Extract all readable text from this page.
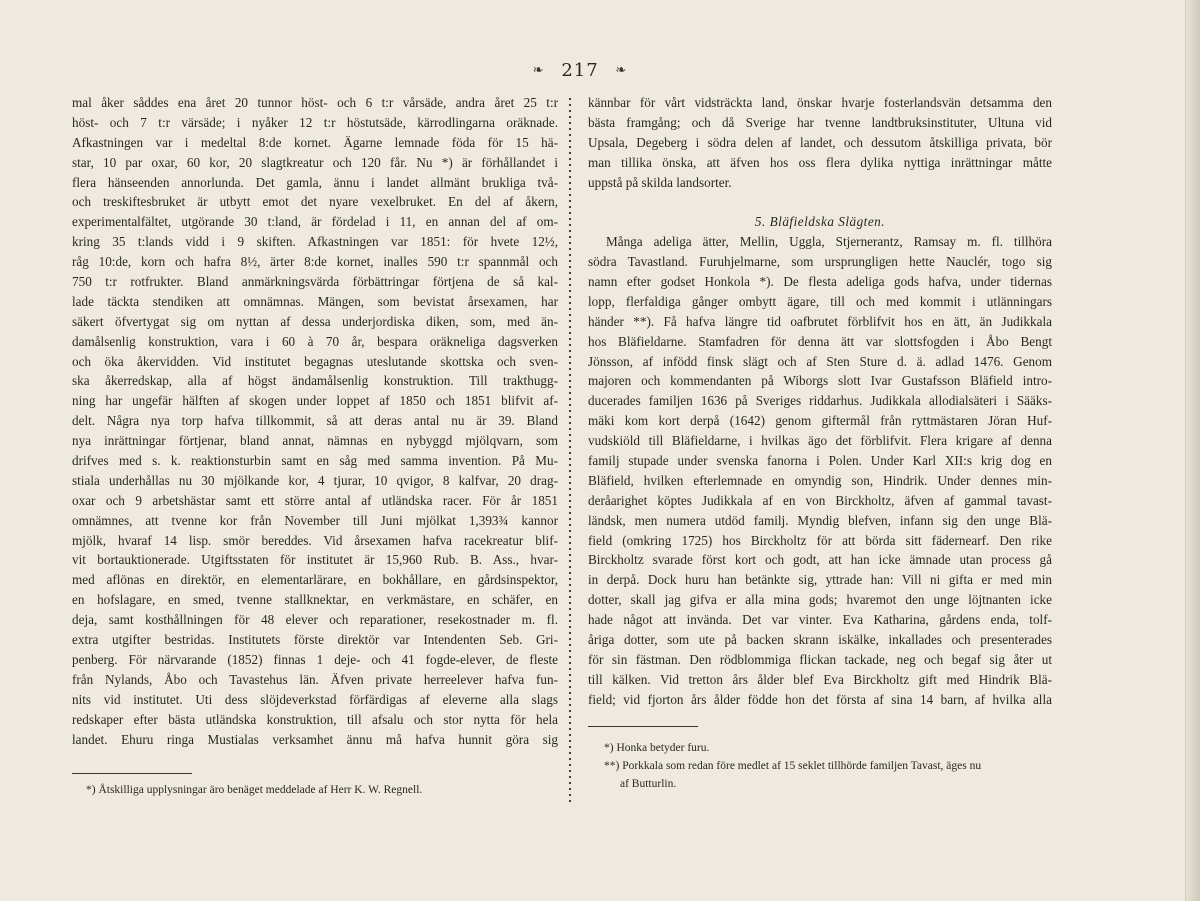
❧ 217 ❧
mal åker såddes ena året 20 tunnor höst- och 6 t:r vårsäde, andra året 25 t:r
höst- och 7 t:r värsäde; i nyåker 12 t:r höstutsäde, kärrodlingarna oräknade.
Afkastningen var i medeltal 8:de kornet. Ägarne lemnade föda för 15 hä-
star, 10 par oxar, 60 kor, 20 slagtkreatur och 120 får. Nu *) är förhållandet i
flera hänseenden annorlunda. Det gamla, ännu i landet allmänt brukliga två-
och treskiftesbruket är utbytt emot det nyare vexelbruket. En del af åkern,
experimentalfältet, utgörande 30 t:land, är fördelad i 11, en annan del af om-
kring 35 t:lands vidd i 9 skiften. Afkastningen var 1851: för hvete 12½,
råg 10:de, korn och hafra 8½, ärter 8:de kornet, inalles 590 t:r spannmål och
750 t:r rotfrukter. Bland anmärkningsvärda förbättringar förtjena de så kal-
lade täckta stendiken att omnämnas. Mängen, som bevistat årsexamen, har
säkert öfvertygat sig om nyttan af dessa underjordiska diken, som, med än-
damålsenlig konstruktion, vara i 60 à 70 år, bespara oräkneliga dagsverken
och öka åkervidden. Vid institutet begagnas uteslutande skottska och sven-
ska åkerredskap, alla af högst ändamålsenlig konstruktion. Till trakthugg-
ning har ungefär hälften af skogen under loppet af 1850 och 1851 blifvit af-
delt. Några nya torp hafva tillkommit, så att deras antal nu är 39. Bland
nya inrättningar förtjenar, bland annat, nämnas en nybyggd mjölqvarn, som
drifves med s. k. reaktionsturbin samt en såg med samma invention. På Mu-
stiala underhållas nu 30 mjölkande kor, 4 tjurar, 10 qvigor, 8 kalfvar, 20 drag-
oxar och 9 arbetshästar samt ett större antal af utländska racer. För år 1851
omnämnes, att tvenne kor från November till Juni mjölkat 1,393¾ kannor
mjölk, hvaraf 14 lisp. smör bereddes. Vid årsexamen hafva racekreatur blif-
vit bortauktionerade. Utgiftsstaten för institutet är 15,960 Rub. B. Ass., hvar-
med aflönas en direktör, en elementarlärare, en bokhållare, en gårdsinspektor,
en hofslagare, en smed, tvenne stallknektar, en verkmästare, en schäfer, en
deja, samt kosthållningen för 48 elever och reparationer, resekostnader m. fl.
extra utgifter bestridas. Institutets förste direktör var Intendenten Seb. Gri-
penberg. För närvarande (1852) finnas 1 deje- och 41 fogde-elever, de fleste
från Nylands, Åbo och Tavastehus län. Äfven private herreelever hafva fun-
nits vid institutet. Uti dess slöjdeverkstad förfärdigas af eleverne alla slags
redskaper efter bästa utländska konstruktion, till afsalu och stor nytta för hela
landet. Ehuru ringa Mustialas verksamhet ännu må hafva hunnit göra sig
kännbar för vårt vidsträckta land, önskar hvarje fosterlandsvän detsamma den
bästa framgång; och då Sverige har tvenne landtbruksinstituter, Ultuna vid
Upsala, Degeberg i södra delen af landet, och dessutom åtskilliga privata, bör
man tillika önska, att äfven hos oss flera dylika nyttiga inrättningar måtte
uppstå på skilda landsorter.
5. Bläfieldska Slägten.
Många adeliga ätter, Mellin, Uggla, Stjernerantz, Ramsay m. fl. tillhöra
södra Tavastland. Furuhjelmarne, som ursprungligen hette Nauclér, togo sig
namn efter godset Honkola *). De flesta adeliga gods hafva, under tidernas
lopp, flerfaldiga gånger ombytt ägare, till och med kommit i utlänningars
händer **). Få hafva längre tid oafbrutet förblifvit hos en ätt, än Judikkala
hos Bläfieldarne. Stamfadren för denna ätt var slottsfogden i Åbo Bengt
Jönsson, af infödd finsk slägt och af Sten Sture d. ä. adlad 1476. Genom
majoren och kommendanten på Wiborgs slott Ivar Gustafsson Bläfield intro-
ducerades familjen 1636 på Sveriges riddarhus. Judikkala allodialsäteri i Sääks-
mäki kom kort derpå (1642) genom giftermål från ryttmästaren Jöran Huf-
vudskiöld till Bläfieldarne, i hvilkas ägo det förblifvit. Flera krigare af denna
familj stupade under svenska fanorna i Polen. Under Karl XII:s krig dog en
Bläfield, hvilken efterlemnade en omyndig son, Hindrik. Under dennes min-
deråarighet köptes Judikkala af en von Birckholtz, äfven af gammal tavast-
ländsk, men numera utdöd familj. Myndig blefven, infann sig den unge Blä-
field (omkring 1725) hos Birckholtz för att börda sitt fädernearf. Den rike
Birckholtz svarade först kort och godt, att han icke ämnade utan process gå
in derpå. Dock huru han betänkte sig, yttrade han: Vill ni gifta er med min
dotter, skall jag gifva er alla mina gods; hvaremot den unge löjtnanten icke
hade något att invända. Det var vinter. Eva Katharina, gårdens enda, tolf-
åriga dotter, som ute på backen skrann iskälke, inkallades och presenterades
för sin fästman. Den rödblommiga flickan tackade, neg och begaf sig åter ut
till kälken. Vid tretton års ålder blef Eva Birckholtz gift med Hindrik Blä-
field; vid fjorton års ålder födde hon det första af sina 14 barn, af hvilka alla
*) Åtskilliga upplysningar äro benäget meddelade af Herr K. W. Regnell.
*) Honka betyder furu.
**) Porkkala som redan före medlet af 15 seklet tillhörde familjen Tavast, äges nu
af Butturlin.
